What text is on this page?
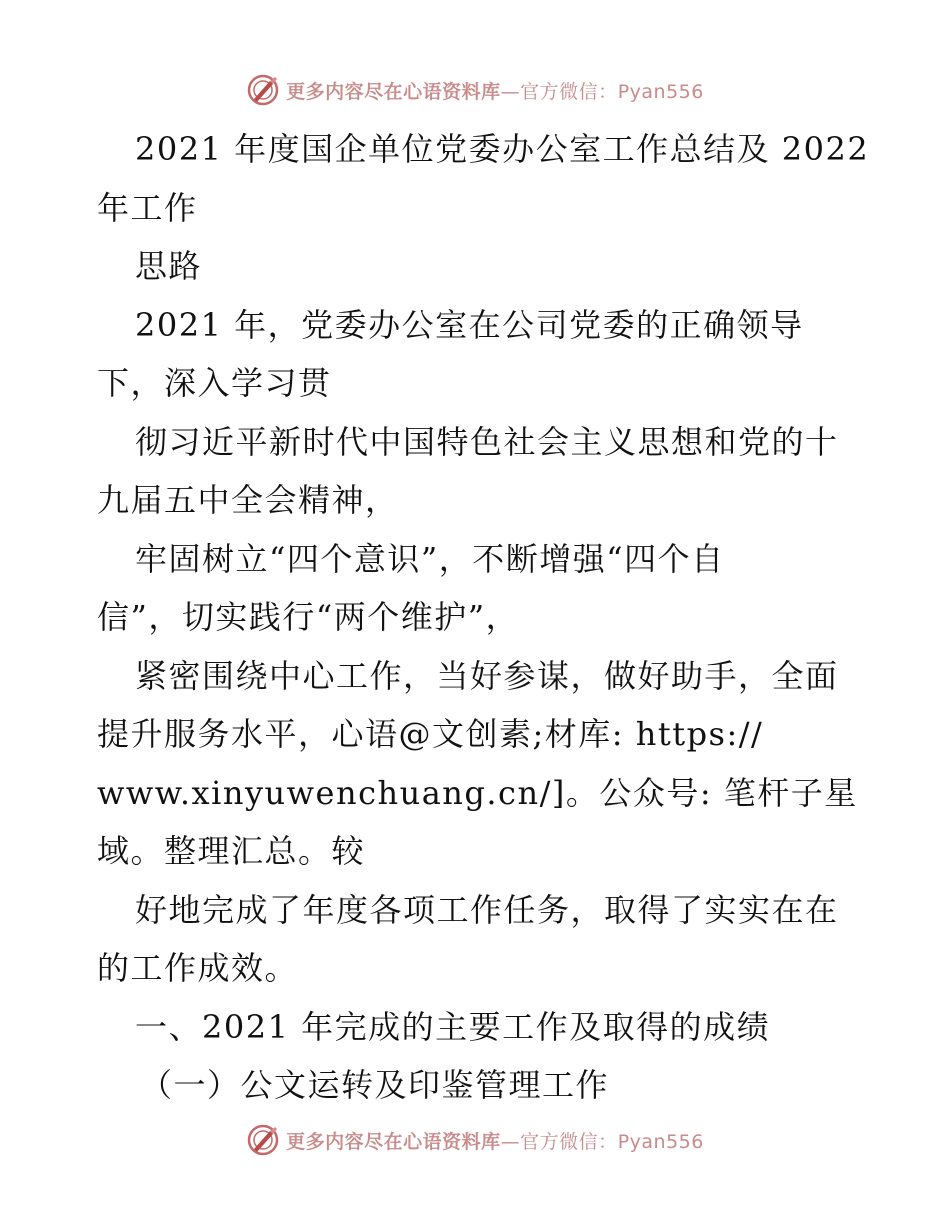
更多内容尽在心语资料库—官方微信：Pyan556
2021 年度国企单位党委办公室工作总结及 2022
年工作
思路
2021 年，党委办公室在公司党委的正确领导
下，深入学习贯
彻习近平新时代中国特色社会主义思想和党的十
九届五中全会精神，
牢固树立“四个意识”，不断增强“四个自
信”，切实践行“两个维护”，
紧密围绕中心工作，当好参谋，做好助手，全面
提升服务水平，心语@文创素;材库: https://
www.xinyuwenchuang.cn/]。公众号: 笔杆子星
域。整理汇总。较
好地完成了年度各项工作任务，取得了实实在在
的工作成效。
一、2021 年完成的主要工作及取得的成绩
（一）公文运转及印鉴管理工作
更多内容尽在心语资料库—官方微信：Pyan556
